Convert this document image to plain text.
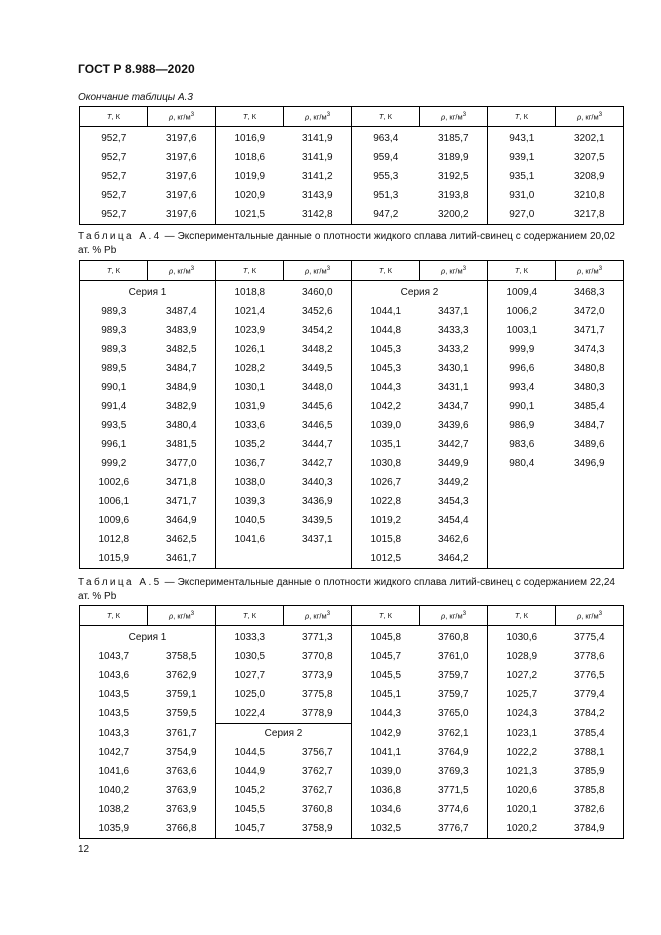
ГОСТ Р 8.988—2020
Окончание таблицы А.3
T, К	ρ, $кг/м^3$	T, К	ρ, $кг/м^3$	T, К	ρ, $кг/м^3$	T, К	ρ, $кг/м^3$
952,7	3197,6	1016,9	3141,9	963,4	3185,7	943,1	3202,1
952,7	3197,6	1018,6	3141,9	959,4	3189,9	939,1	3207,5
952,7	3197,6	1019,9	3141,2	955,3	3192,5	935,1	3208,9
952,7	3197,6	1020,9	3143,9	951,3	3193,8	931,0	3210,8
952,7	3197,6	1021,5	3142,8	947,2	3200,2	927,0	3217,8
Таблица А.4 — Экспериментальные данные о плотности жидкого сплава литий-свинец с содержанием 20,02 ат. % Pb
T, К	ρ, $кг/м^3$	T, К	ρ, $кг/м^3$	T, К	ρ, $кг/м^3$	T, К	ρ, $кг/м^3$
Серия 1		1018,8	3460,0	Серия 2		1009,4	3468,3
989,3	3487,4	1021,4	3452,6	1044,1	3437,1	1006,2	3472,0
989,3	3483,9	1023,9	3454,2	1044,8	3433,3	1003,1	3471,7
989,3	3482,5	1026,1	3448,2	1045,3	3433,2	999,9	3474,3
989,5	3484,7	1028,2	3449,5	1045,3	3430,1	996,6	3480,8
990,1	3484,9	1030,1	3448,0	1044,3	3431,1	993,4	3480,3
991,4	3482,9	1031,9	3445,6	1042,2	3434,7	990,1	3485,4
993,5	3480,4	1033,6	3446,5	1039,0	3439,6	986,9	3484,7
996,1	3481,5	1035,2	3444,7	1035,1	3442,7	983,6	3489,6
999,2	3477,0	1036,7	3442,7	1030,8	3449,9	980,4	3496,9
1002,6	3471,8	1038,0	3440,3	1026,7	3449,2		
1006,1	3471,7	1039,3	3436,9	1022,8	3454,3		
1009,6	3464,9	1040,5	3439,5	1019,2	3454,4		
1012,8	3462,5	1041,6	3437,1	1015,8	3462,6		
1015,9	3461,7			1012,5	3464,2		
Таблица А.5 — Экспериментальные данные о плотности жидкого сплава литий-свинец с содержанием 22,24 ат. % Pb
T, К	ρ, $кг/м^3$	T, К	ρ, $кг/м^3$	T, К	ρ, $кг/м^3$	T, К	ρ, $кг/м^3$
Серия 1		1033,3	3771,3	1045,8	3760,8	1030,6	3775,4
1043,7	3758,5	1030,5	3770,8	1045,7	3761,0	1028,9	3778,6
1043,6	3762,9	1027,7	3773,9	1045,5	3759,7	1027,2	3776,5
1043,5	3759,1	1025,0	3775,8	1045,1	3759,7	1025,7	3779,4
1043,5	3759,5	1022,4	3778,9	1044,3	3765,0	1024,3	3784,2
1043,3	3761,7	Серия 2		1042,9	3762,1	1023,1	3785,4
1042,7	3754,9	1044,5	3756,7	1041,1	3764,9	1022,2	3788,1
1041,6	3763,6	1044,9	3762,7	1039,0	3769,3	1021,3	3785,9
1040,2	3763,9	1045,2	3762,7	1036,8	3771,5	1020,6	3785,8
1038,2	3763,9	1045,5	3760,8	1034,6	3774,6	1020,1	3782,6
1035,9	3766,8	1045,7	3758,9	1032,5	3776,7	1020,2	3784,9
12
